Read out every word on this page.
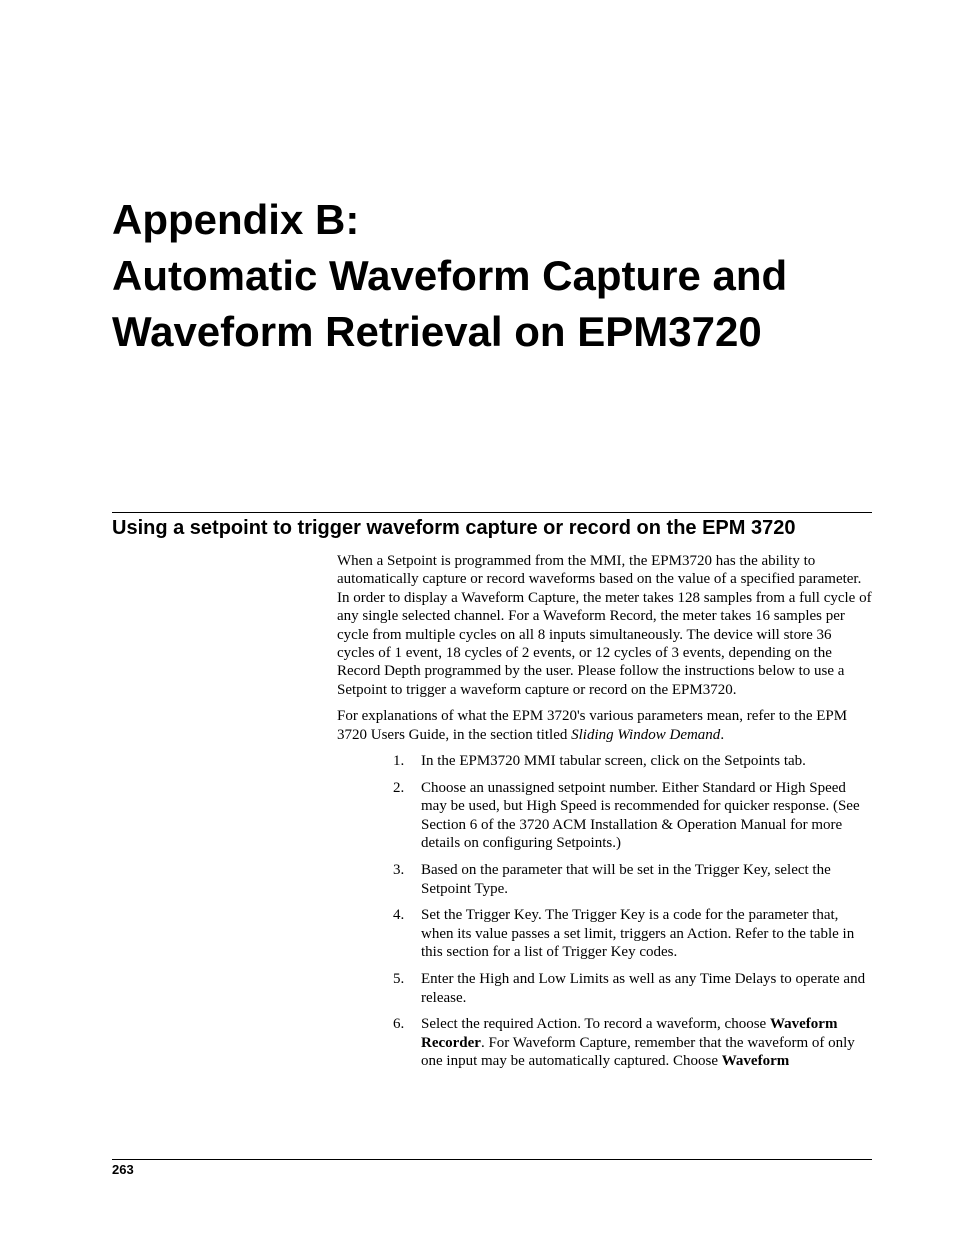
Appendix B:
Automatic Waveform Capture and
Waveform Retrieval on EPM3720
Using a setpoint to trigger waveform capture or record on the EPM 3720

When a Setpoint is programmed from the MMI, the EPM3720 has the ability to automatically capture or record waveforms based on the value of a specified parameter. In order to display a Waveform Capture, the meter takes 128 samples from a full cycle of any single selected channel. For a Waveform Record, the meter takes 16 samples per cycle from multiple cycles on all 8 inputs simultaneously. The device will store 36 cycles of 1 event, 18 cycles of 2 events, or 12 cycles of 3 events, depending on the Record Depth programmed by the user. Please follow the instructions below to use a Setpoint to trigger a waveform capture or record on the EPM3720.

For explanations of what the EPM 3720's various parameters mean, refer to the EPM 3720 Users Guide, in the section titled Sliding Window Demand.

1. In the EPM3720 MMI tabular screen, click on the Setpoints tab.
2. Choose an unassigned setpoint number. Either Standard or High Speed may be used, but High Speed is recommended for quicker response. (See Section 6 of the 3720 ACM Installation & Operation Manual for more details on configuring Setpoints.)
3. Based on the parameter that will be set in the Trigger Key, select the Setpoint Type.
4. Set the Trigger Key. The Trigger Key is a code for the parameter that, when its value passes a set limit, triggers an Action. Refer to the table in this section for a list of Trigger Key codes.
5. Enter the High and Low Limits as well as any Time Delays to operate and release.
6. Select the required Action. To record a waveform, choose Waveform Recorder. For Waveform Capture, remember that the waveform of only one input may be automatically captured. Choose Waveform
263
